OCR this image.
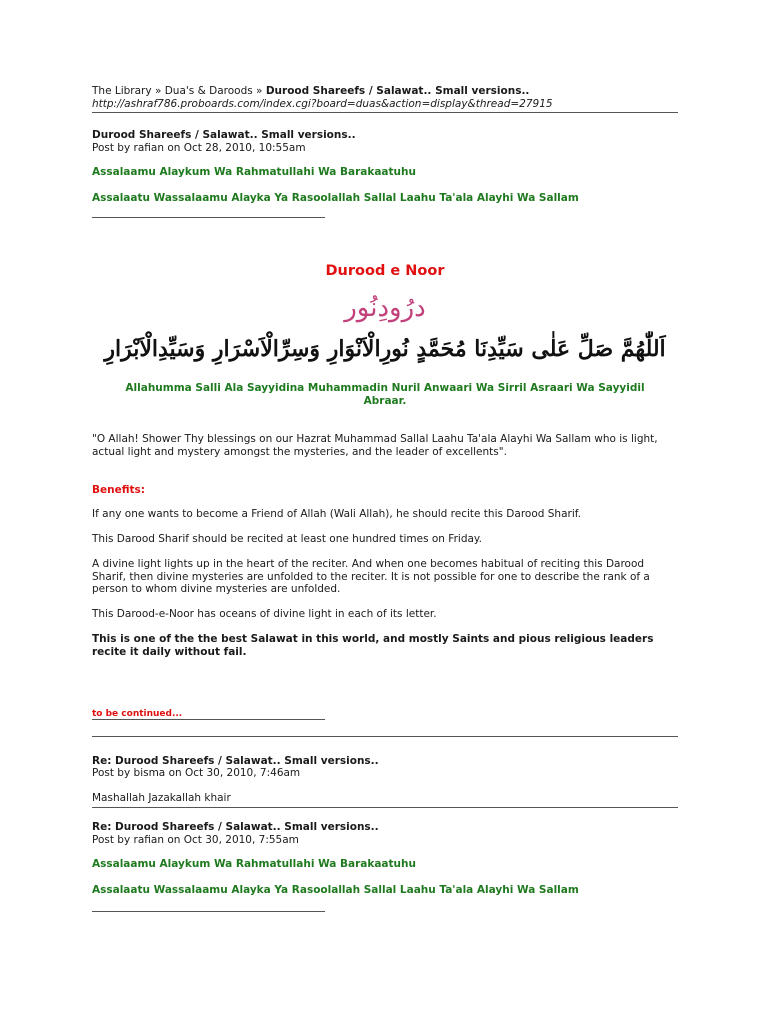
The Library » Dua's & Daroods » Durood Shareefs / Salawat.. Small versions..
http://ashraf786.proboards.com/index.cgi?board=duas&action=display&thread=27915
Durood Shareefs / Salawat.. Small versions..
Post by rafian on Oct 28, 2010, 10:55am
Assalaamu Alaykum Wa Rahmatullahi Wa Barakaatuhu
Assalaatu Wassalaamu Alayka Ya Rasoolallah Sallal Laahu Ta'ala Alayhi Wa Sallam
Durood e Noor
درُودِنُور
اَللّٰهُمَّ صَلِّ عَلٰی سَیِّدِنَا مُحَمَّدٍ نُورِالْاَنْوَارِ وَسِرِّالْاَسْرَارِ وَسَیِّدِالْاَبْرَارِ
Allahumma Salli Ala Sayyidina Muhammadin Nuril Anwaari Wa Sirril Asraari Wa Sayyidil Abraar.
"O Allah! Shower Thy blessings on our Hazrat Muhammad Sallal Laahu Ta'ala Alayhi Wa Sallam who is light, actual light and mystery amongst the mysteries, and the leader of excellents".
Benefits:
If any one wants to become a Friend of Allah (Wali Allah), he should recite this Darood Sharif.
This Darood Sharif should be recited at least one hundred times on Friday.
A divine light lights up in the heart of the reciter. And when one becomes habitual of reciting this Darood Sharif, then divine mysteries are unfolded to the reciter. It is not possible for one to describe the rank of a person to whom divine mysteries are unfolded.
This Darood-e-Noor has oceans of divine light in each of its letter.
This is one of the the best Salawat in this world, and mostly Saints and pious religious leaders recite it daily without fail.
to be continued...
Re: Durood Shareefs / Salawat.. Small versions..
Post by bisma on Oct 30, 2010, 7:46am
Mashallah Jazakallah khair
Re: Durood Shareefs / Salawat.. Small versions..
Post by rafian on Oct 30, 2010, 7:55am
Assalaamu Alaykum Wa Rahmatullahi Wa Barakaatuhu
Assalaatu Wassalaamu Alayka Ya Rasoolallah Sallal Laahu Ta'ala Alayhi Wa Sallam
